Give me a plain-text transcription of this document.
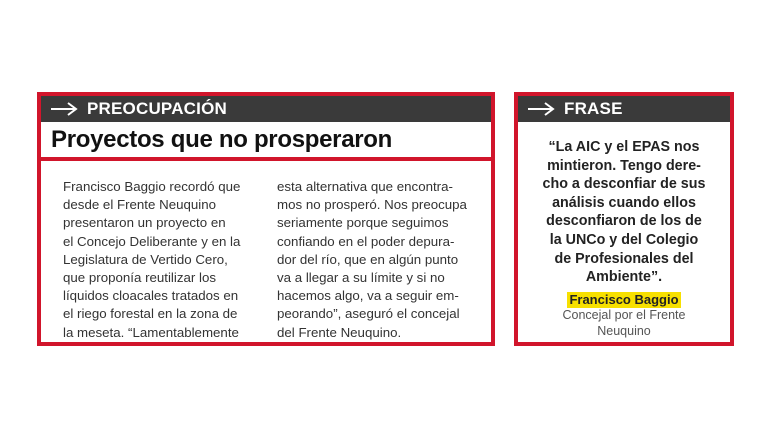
PREOCUPACIÓN
Proyectos que no prosperaron
Francisco Baggio recordó que
desde el Frente Neuquino
presentaron un proyecto en
el Concejo Deliberante y en la
Legislatura de Vertido Cero,
que proponía reutilizar los
líquidos cloacales tratados en
el riego forestal en la zona de
la meseta. “Lamentablemente
esta alternativa que encontra-
mos no prosperó. Nos preocupa
seriamente porque seguimos
confiando en el poder depura-
dor del río, que en algún punto
va a llegar a su límite y si no
hacemos algo, va a seguir em-
peorando”, aseguró el concejal
del Frente Neuquino.
FRASE
“La AIC y el EPAS nos
mintieron. Tengo dere-
cho a desconfiar de sus
análisis cuando ellos
desconfiaron de los de
la UNCo y del Colegio
de Profesionales del
Ambiente”.
Francisco Baggio
Concejal por el Frente
Neuquino
